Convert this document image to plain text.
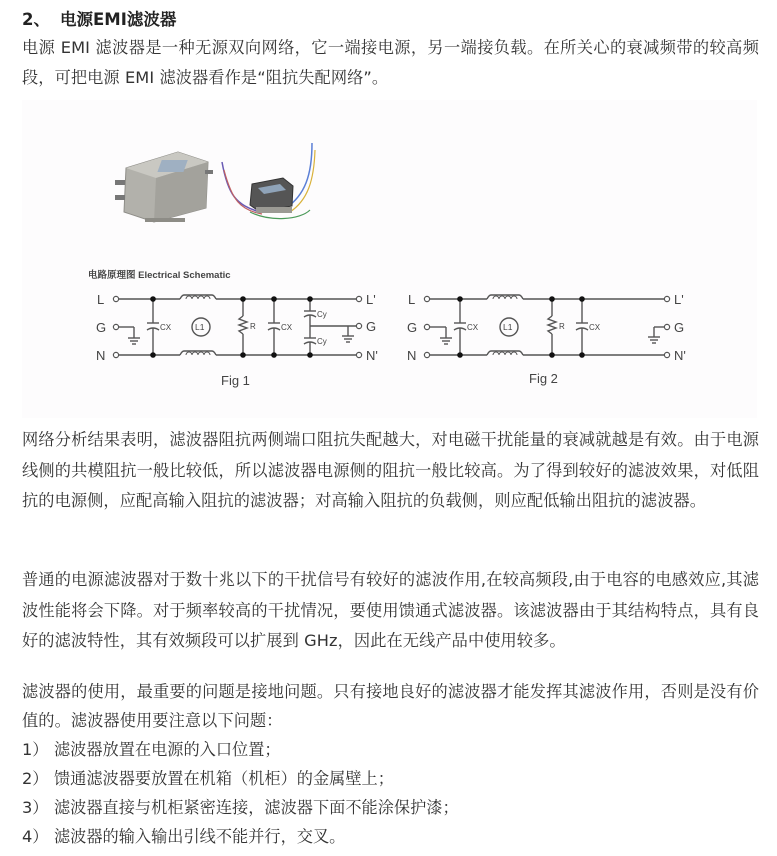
2、 电源EMI滤波器
电源 EMI 滤波器是一种无源双向网络，它一端接电源，另一端接负载。在所关心的衰减频带的较高频段，可把电源 EMI 滤波器看作是“阻抗失配网络”。
电路原理图 Electrical Schematic
L
G
N
L'
G
N'
CX	L1	R	CX
Cy
Cy
Fig 1
L
G
N
L'
G
N'
CX	L1	R	CX
Fig 2
网络分析结果表明，滤波器阻抗两侧端口阻抗失配越大，对电磁干扰能量的衰减就越是有效。由于电源线侧的共模阻抗一般比较低，所以滤波器电源侧的阻抗一般比较高。为了得到较好的滤波效果，对低阻抗的电源侧，应配高输入阻抗的滤波器；对高输入阻抗的负载侧，则应配低输出阻抗的滤波器。
普通的电源滤波器对于数十兆以下的干扰信号有较好的滤波作用,在较高频段,由于电容的电感效应,其滤波性能将会下降。对于频率较高的干扰情况，要使用馈通式滤波器。该滤波器由于其结构特点，具有良好的滤波特性，其有效频段可以扩展到 GHz，因此在无线产品中使用较多。
滤波器的使用，最重要的问题是接地问题。只有接地良好的滤波器才能发挥其滤波作用，否则是没有价值的。滤波器使用要注意以下问题：
1） 滤波器放置在电源的入口位置；
2） 馈通滤波器要放置在机箱（机柜）的金属壁上；
3） 滤波器直接与机柜紧密连接，滤波器下面不能涂保护漆；
4） 滤波器的输入输出引线不能并行，交叉。
